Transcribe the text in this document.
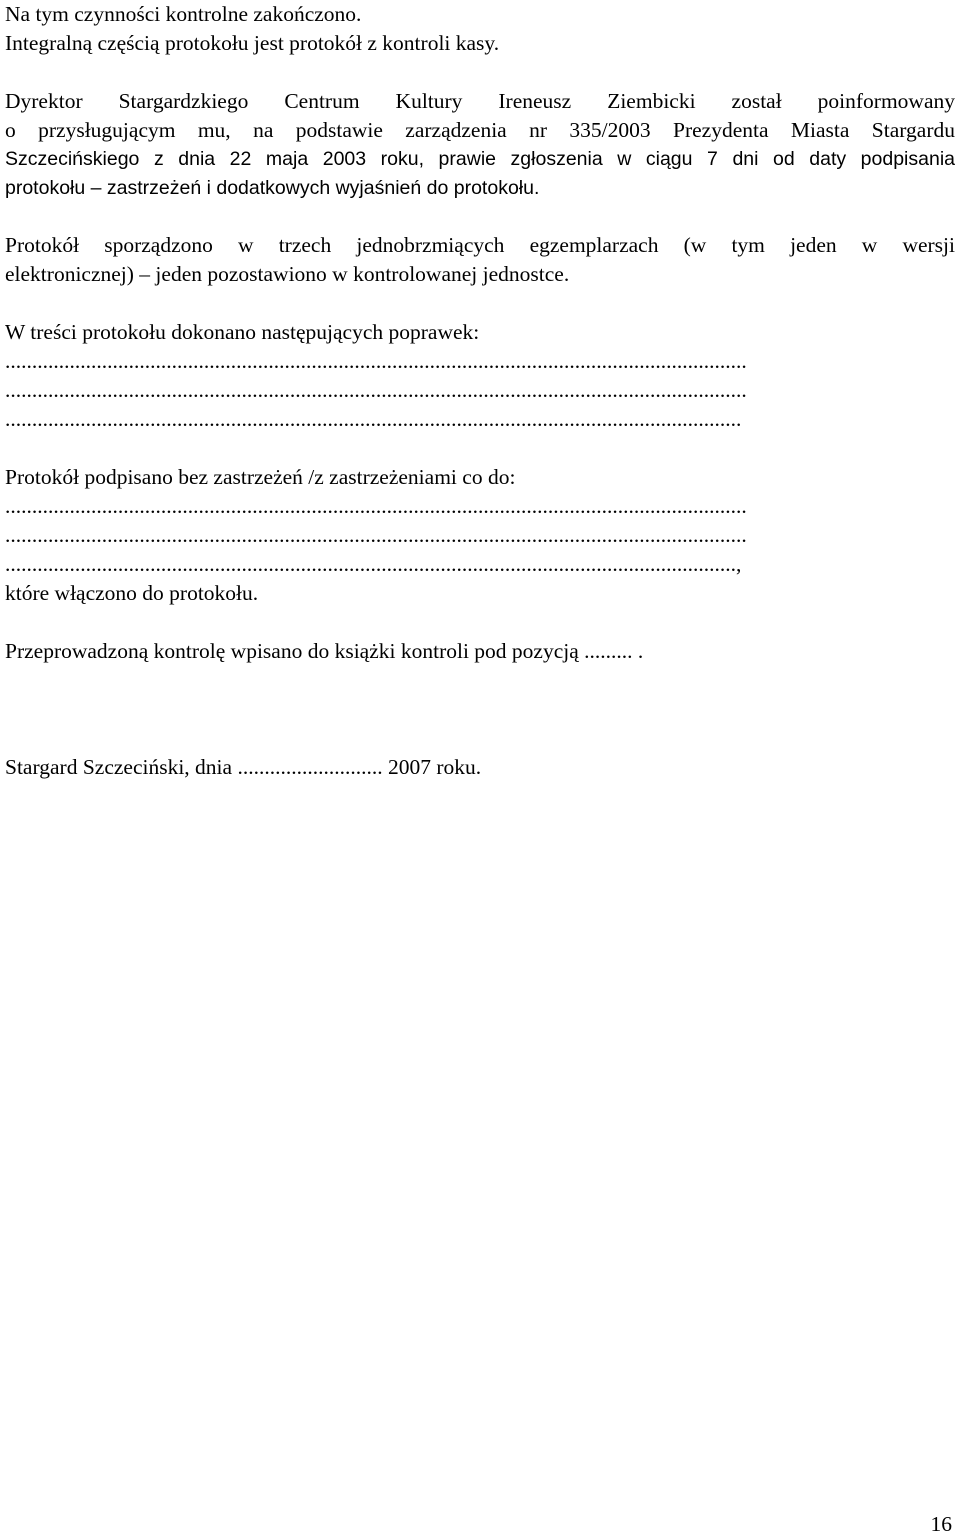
Na tym czynności kontrolne zakończono.
Integralną częścią protokołu jest protokół z kontroli kasy.
Dyrektor Stargardzkiego Centrum Kultury Ireneusz Ziembicki został poinformowany
o przysługującym mu, na podstawie zarządzenia nr 335/2003 Prezydenta Miasta Stargardu
Szczecińskiego z dnia 22 maja 2003 roku, prawie zgłoszenia w ciągu 7 dni od daty podpisania
protokołu – zastrzeżeń i dodatkowych wyjaśnień do protokołu.
Protokół sporządzono w trzech jednobrzmiących egzemplarzach (w tym jeden w wersji
elektronicznej) – jeden pozostawiono w kontrolowanej jednostce.
W treści protokołu dokonano następujących poprawek:
..........................................................................................................................................
..........................................................................................................................................
.........................................................................................................................................
Protokół podpisano bez zastrzeżeń /z zastrzeżeniami co do:
..........................................................................................................................................
..........................................................................................................................................
........................................................................................................................................,
które włączono do protokołu.
Przeprowadzoną kontrolę wpisano do książki kontroli pod pozycją ......... .
Stargard Szczeciński, dnia ........................... 2007 roku.
16
